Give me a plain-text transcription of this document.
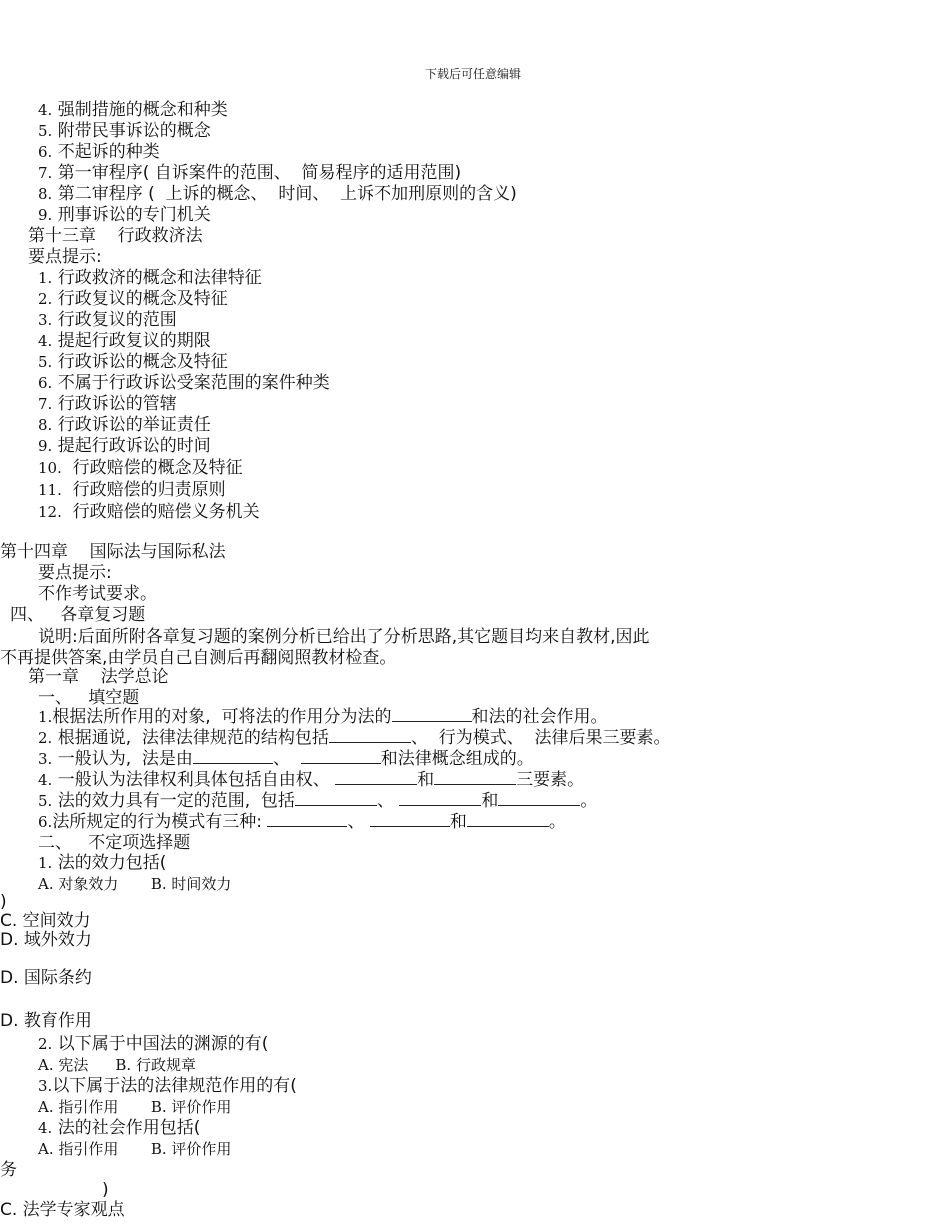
下载后可任意编辑
4. 强制措施的概念和种类
5. 附带民事诉讼的概念
6. 不起诉的种类
7. 第一审程序( 自诉案件的范围、  简易程序的适用范围)
8. 第二审程序 (  上诉的概念、  时间、  上诉不加刑原则的含义)
9. 刑事诉讼的专门机关
第十三章    行政救济法
要点提示:
1. 行政救济的概念和法律特征
2. 行政复议的概念及特征
3. 行政复议的范围
4. 提起行政复议的期限
5. 行政诉讼的概念及特征
6. 不属于行政诉讼受案范围的案件种类
7. 行政诉讼的管辖
8. 行政诉讼的举证责任
9. 提起行政诉讼的时间
10. 行政赔偿的概念及特征
11. 行政赔偿的归责原则
12. 行政赔偿的赔偿义务机关
第十四章    国际法与国际私法
要点提示:
不作考试要求。
四、   各章复习题
说明:后面所附各章复习题的案例分析已给出了分析思路,其它题目均来自教材,因此
不再提供答案,由学员自己自测后再翻阅照教材检查。
第一章    法学总论
一、   填空题
1.根据法所作用的对象,  可将法的作用分为法的	和法的社会作用。
2. 根据通说,  法律法律规范的结构包括	、  行为模式、  法律后果三要素。
3. 一般认为,  法是由	、	和法律概念组成的。
4. 一般认为法律权利具体包括自由权、	和	三要素。
5. 法的效力具有一定的范围,  包括	、	和	。
6.法所规定的行为模式有三种:	、	和	。
二、   不定项选择题
1. 法的效力包括(
A. 对象效力 B. 时间效力
)
C. 空间效力
D. 域外效力
D. 国际条约
D. 教育作用
2. 以下属于中国法的渊源的有(
A. 宪法 B. 行政规章
3.以下属于法的法律规范作用的有(
A. 指引作用 B. 评价作用
4. 法的社会作用包括(
A. 指引作用 B. 评价作用
务
)
C. 法学专家观点
